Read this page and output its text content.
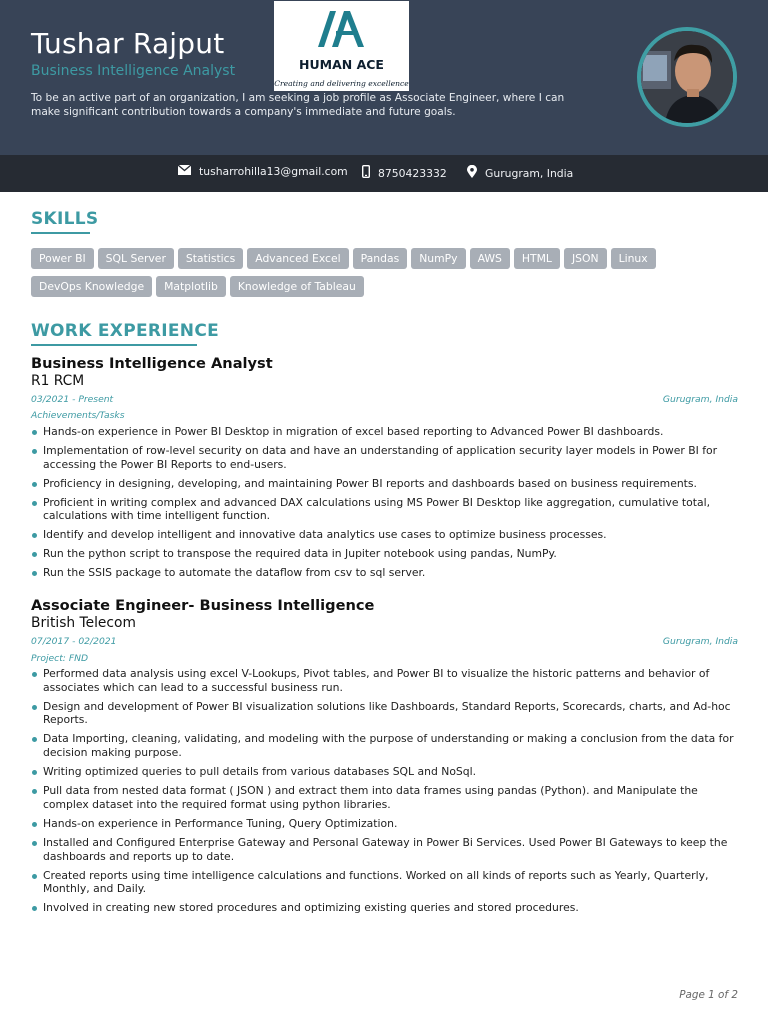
Tushar Rajput
Business Intelligence Analyst
To be an active part of an organization, I am seeking a job profile as Associate Engineer, where I can make significant contribution towards a company's immediate and future goals.
HUMAN ACE
Creating and delivering excellence
tusharrohilla13@gmail.com	8750423332	Gurugram, India
SKILLS
Power BI SQL Server Statistics Advanced Excel Pandas NumPy AWS HTML JSON LinuxDevOps Knowledge Matplotlib Knowledge of Tableau
WORK EXPERIENCE
Business Intelligence Analyst
R1 RCM
03/2021 - Present	Gurugram, India
Achievements/Tasks
Hands-on experience in Power BI Desktop in migration of excel based reporting to Advanced Power BI dashboards.
Implementation of row-level security on data and have an understanding of application security layer models in Power BI for accessing the Power BI Reports to end-users.
Proficiency in designing, developing, and maintaining Power BI reports and dashboards based on business requirements.
Proficient in writing complex and advanced DAX calculations using MS Power BI Desktop like aggregation, cumulative total, calculations with time intelligent function.
Identify and develop intelligent and innovative data analytics use cases to optimize business processes.
Run the python script to transpose the required data in Jupiter notebook using pandas, NumPy.
Run the SSIS package to automate the dataflow from csv to sql server.
Associate Engineer- Business Intelligence
British Telecom
07/2017 - 02/2021	Gurugram, India
Project: FND
Performed data analysis using excel V-Lookups, Pivot tables, and Power BI to visualize the historic patterns and behavior of associates which can lead to a successful business run.
Design and development of Power BI visualization solutions like Dashboards, Standard Reports, Scorecards, charts, and Ad-hoc Reports.
Data Importing, cleaning, validating, and modeling with the purpose of understanding or making a conclusion from the data for decision making purpose.
Writing optimized queries to pull details from various databases SQL and NoSql.
Pull data from nested data format ( JSON ) and extract them into data frames using pandas (Python). and Manipulate the complex dataset into the required format using python libraries.
Hands-on experience in Performance Tuning, Query Optimization.
Installed and Configured Enterprise Gateway and Personal Gateway in Power Bi Services. Used Power BI Gateways to keep the dashboards and reports up to date.
Created reports using time intelligence calculations and functions. Worked on all kinds of reports such as Yearly, Quarterly, Monthly, and Daily.
Involved in creating new stored procedures and optimizing existing queries and stored procedures.
Page 1 of 2
